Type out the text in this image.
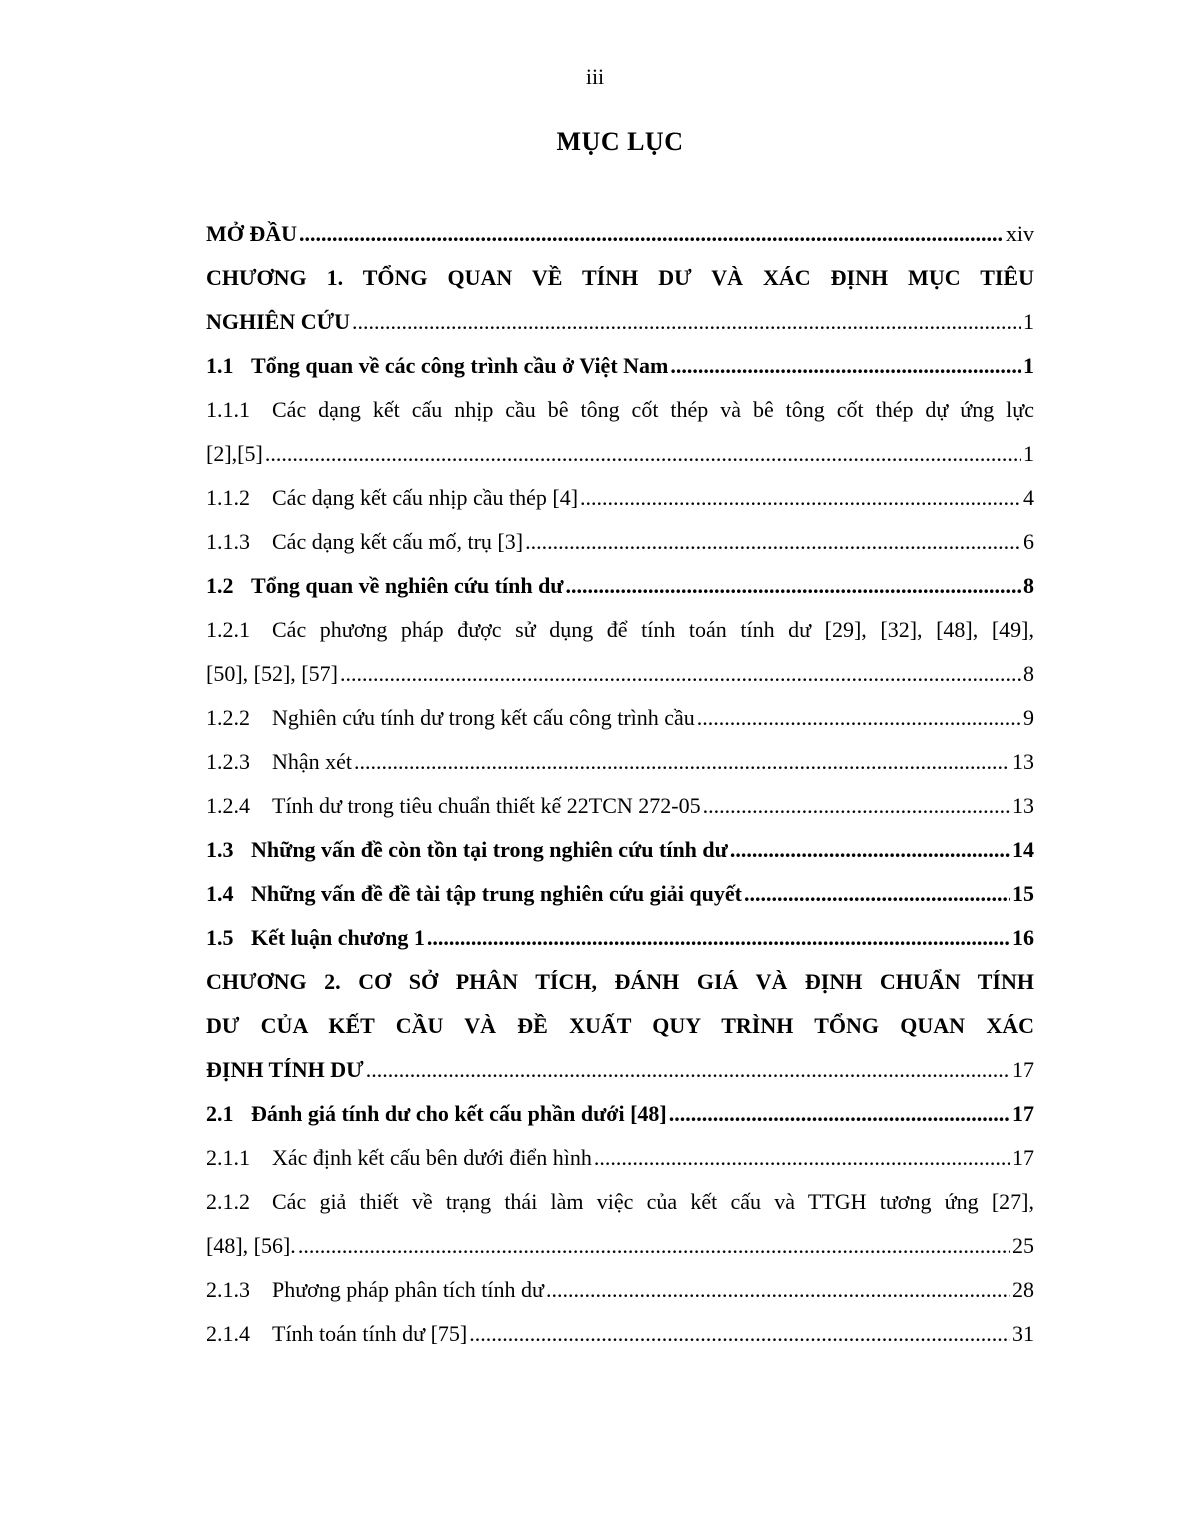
iii
MỤC LỤC
MỞ ĐẦU .....	xiv
CHƯƠNG 1. TỔNG QUAN VỀ TÍNH DƯ VÀ XÁC ĐỊNH MỤC TIÊU
NGHIÊN CỨU .....	1
1.1 Tổng quan về các công trình cầu ở Việt Nam .....	1
1.1.1 Các dạng kết cấu nhịp cầu bê tông cốt thép và bê tông cốt thép dự ứng lực
[2],[5] .....	1
1.1.2 Các dạng kết cấu nhịp cầu thép [4] .....	4
1.1.3 Các dạng kết cấu mố, trụ [3] .....	6
1.2 Tổng quan về nghiên cứu tính dư .....	8
1.2.1 Các phương pháp được sử dụng để tính toán tính dư [29], [32], [48], [49],
[50], [52], [57] .....	8
1.2.2 Nghiên cứu tính dư trong kết cấu công trình cầu .....	9
1.2.3 Nhận xét .....	13
1.2.4 Tính dư trong tiêu chuẩn thiết kế 22TCN 272-05 .....	13
1.3 Những vấn đề còn tồn tại trong nghiên cứu tính dư .....	14
1.4 Những vấn đề đề tài tập trung nghiên cứu giải quyết .....	15
1.5 Kết luận chương 1 .....	16
CHƯƠNG 2. CƠ SỞ PHÂN TÍCH, ĐÁNH GIÁ VÀ ĐỊNH CHUẨN TÍNH
DƯ CỦA KẾT CẦU VÀ ĐỀ XUẤT QUY TRÌNH TỔNG QUAN XÁC
ĐỊNH TÍNH DƯ .....	17
2.1 Đánh giá tính dư cho kết cấu phần dưới [48] .....	17
2.1.1 Xác định kết cấu bên dưới điển hình .....	17
2.1.2 Các giả thiết về trạng thái làm việc của kết cấu và TTGH tương ứng [27],
[48], [56]. .....	25
2.1.3 Phương pháp phân tích tính dư .....	28
2.1.4 Tính toán tính dư [75] .....	31
